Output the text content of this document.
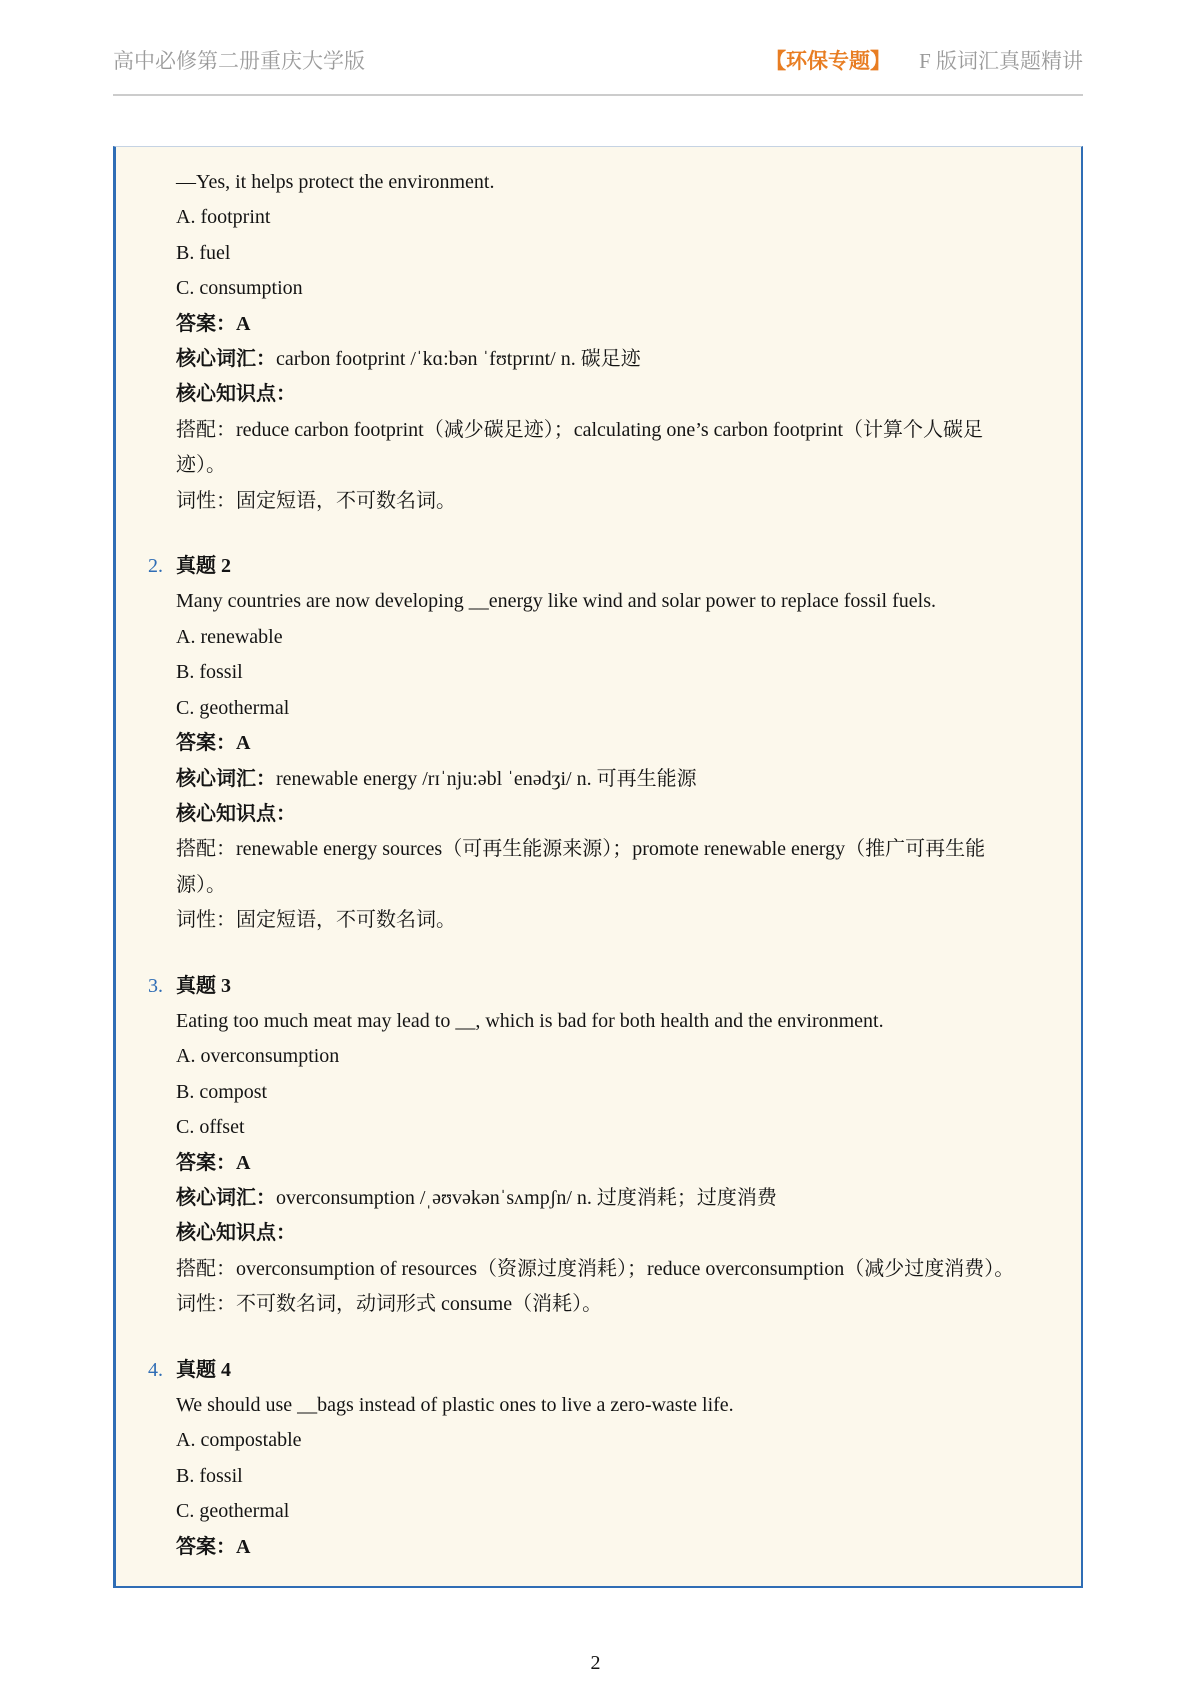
高中必修第二册重庆大学版	【环保专题】 F 版词汇真题精讲
—Yes, it helps protect the environment.
A. footprint
B. fuel
C. consumption
答案：A
核心词汇：carbon footprint /ˈkɑ:bən ˈfʊtprɪnt/ n. 碳足迹
核心知识点：
搭配：reduce carbon footprint（减少碳足迹）；calculating one’s carbon footprint（计算个人碳足
迹）。
词性：固定短语，不可数名词。
2. 真题 2
Many countries are now developing __energy like wind and solar power to replace fossil fuels.
A. renewable
B. fossil
C. geothermal
答案：A
核心词汇：renewable energy /rɪˈnju:əbl ˈenədʒi/ n. 可再生能源
核心知识点：
搭配：renewable energy sources（可再生能源来源）；promote renewable energy（推广可再生能
源）。
词性：固定短语，不可数名词。
3. 真题 3
Eating too much meat may lead to __, which is bad for both health and the environment.
A. overconsumption
B. compost
C. offset
答案：A
核心词汇：overconsumption /ˌəʊvəkənˈsʌmpʃn/ n. 过度消耗；过度消费
核心知识点：
搭配：overconsumption of resources（资源过度消耗）；reduce overconsumption（减少过度消费）。
词性：不可数名词，动词形式 consume（消耗）。
4. 真题 4
We should use __bags instead of plastic ones to live a zero-waste life.
A. compostable
B. fossil
C. geothermal
答案：A
2
